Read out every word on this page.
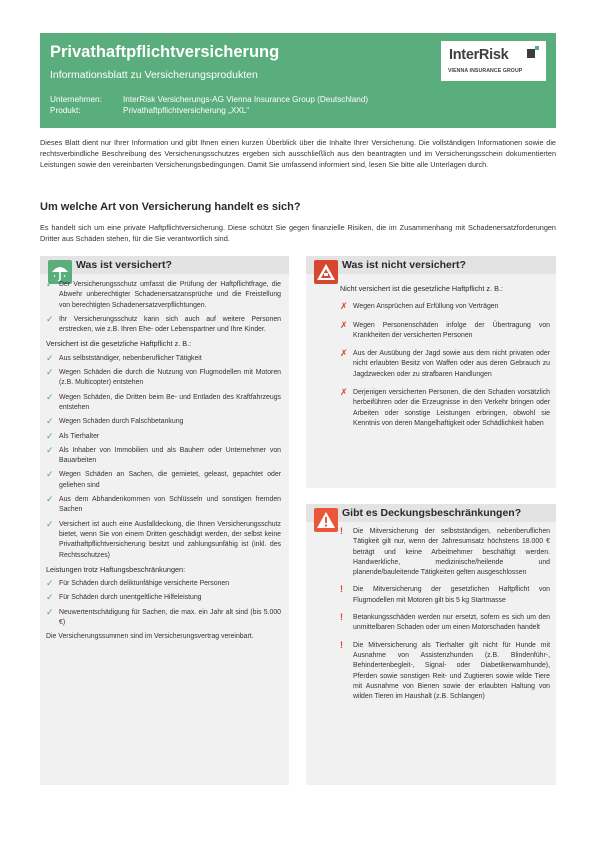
Privathaftpflichtversicherung
Informationsblatt zu Versicherungsprodukten
Unternehmen:	InterRisk Versicherungs-AG Vienna Insurance Group (Deutschland)
Produkt:	Privathaftpflichtversicherung „XXL“
InterRisk
VIENNA INSURANCE GROUP
Dieses Blatt dient nur Ihrer Information und gibt Ihnen einen kurzen Überblick über die Inhalte Ihrer Versicherung. Die vollständigen Informationen sowie die rechtsverbindliche Beschreibung des Versicherungsschutzes ergeben sich ausschließlich aus den beantragten und im Versicherungsschein dokumentierten Leistungen sowie den vereinbarten Versicherungsbedingungen. Damit Sie umfassend informiert sind, lesen Sie bitte alle Unterlagen durch.
Um welche Art von Versicherung handelt es sich?
Es handelt sich um eine private Haftpflichtversicherung. Diese schützt Sie gegen finanzielle Risiken, die im Zusammenhang mit Schadenersatzforderungen Dritter aus Schäden stehen, für die Sie verantwortlich sind.
Was ist versichert?
✓ Der Versicherungsschutz umfasst die Prüfung der Haftpflichtfrage, die Abwehr unberechtigter Schadenersatzansprüche und die Freistellung von berechtigten Schadenersatzverpflichtungen.
✓ Ihr Versicherungsschutz kann sich auch auf weitere Personen erstrecken, wie z.B. Ihren Ehe- oder Lebenspartner und Ihre Kinder.

Versichert ist die gesetzliche Haftpflicht z. B.:

✓ Aus selbstständiger, nebenberuflicher Tätigkeit
✓ Wegen Schäden die durch die Nutzung von Flugmodellen mit Motoren (z.B. Multicopter) entstehen
✓ Wegen Schäden, die Dritten beim Be- und Entladen des Kraftfahrzeugs entstehen
✓ Wegen Schäden durch Falschbetankung
✓ Als Tierhalter
✓ Als Inhaber von Immobilien und als Bauherr oder Unternehmer von Bauarbeiten
✓ Wegen Schäden an Sachen, die gemietet, geleast, gepachtet oder geliehen sind
✓ Aus dem Abhandenkommen von Schlüsseln und sonstigen fremden Sachen
✓ Versichert ist auch eine Ausfalldeckung, die Ihnen Versicherungsschutz bietet, wenn Sie von einem Dritten geschädigt werden, der selbst keine Privathaftpflichtversicherung besitzt und zahlungsunfähig ist (inkl. des Rechtsschutzes)

Leistungen trotz Haftungsbeschränkungen:

✓ Für Schäden durch deliktunfähige versicherte Personen
✓ Für Schäden durch unentgeltliche Hilfeleistung
✓ Neuwertentschädigung für Sachen, die max. ein Jahr alt sind (bis 5.000 €)

Die Versicherungssummen sind im Versicherungsvertrag vereinbart.

Was ist nicht versichert?

Nicht versichert ist die gesetzliche Haftpflicht z. B.:

✗ Wegen Ansprüchen auf Erfüllung von Verträgen
✗ Wegen Personenschäden infolge der Übertragung von Krankheiten der versicherten Personen
✗ Aus der Ausübung der Jagd sowie aus dem nicht privaten oder nicht erlaubten Besitz von Waffen oder aus deren Gebrauch zu Jagdzwecken oder zu strafbaren Handlungen
✗ Derjenigen versicherten Personen, die den Schaden vorsätzlich herbeiführen oder die Erzeugnisse in den Verkehr bringen oder Arbeiten oder sonstige Leistungen erbringen, obwohl sie Kenntnis von deren Mangelhaftigkeit oder Schädlichkeit haben
Gibt es Deckungsbeschränkungen?
! Die Mitversicherung der selbstständigen, nebenberuflichen Tätigkeit gilt nur, wenn der Jahresumsatz höchstens 18.000 € beträgt und keine Arbeitnehmer beschäftigt werden. Handwerkliche, medizinische/heilende und planende/bauleitende Tätigkeiten gelten ausgeschlossen
! Die Mitversicherung der gesetzlichen Haftpflicht von Flugmodellen mit Motoren gilt bis 5 kg Startmasse
! Betankungsschäden werden nur ersetzt, sofern es sich um den unmittelbaren Schaden oder um einen Motorschaden handelt
! Die Mitversicherung als Tierhalter gilt nicht für Hunde mit Ausnahme von Assistenzhunden (z.B. Blindenführ-, Behindertenbegleit-, Signal- oder Diabetikerwarnhunde), Pferden sowie sonstigen Reit- und Zugtieren sowie wilde Tiere mit Ausnahme von Bienen sowie der erlaubten Haltung von wilden Tieren im Haushalt (z.B. Schlangen)
